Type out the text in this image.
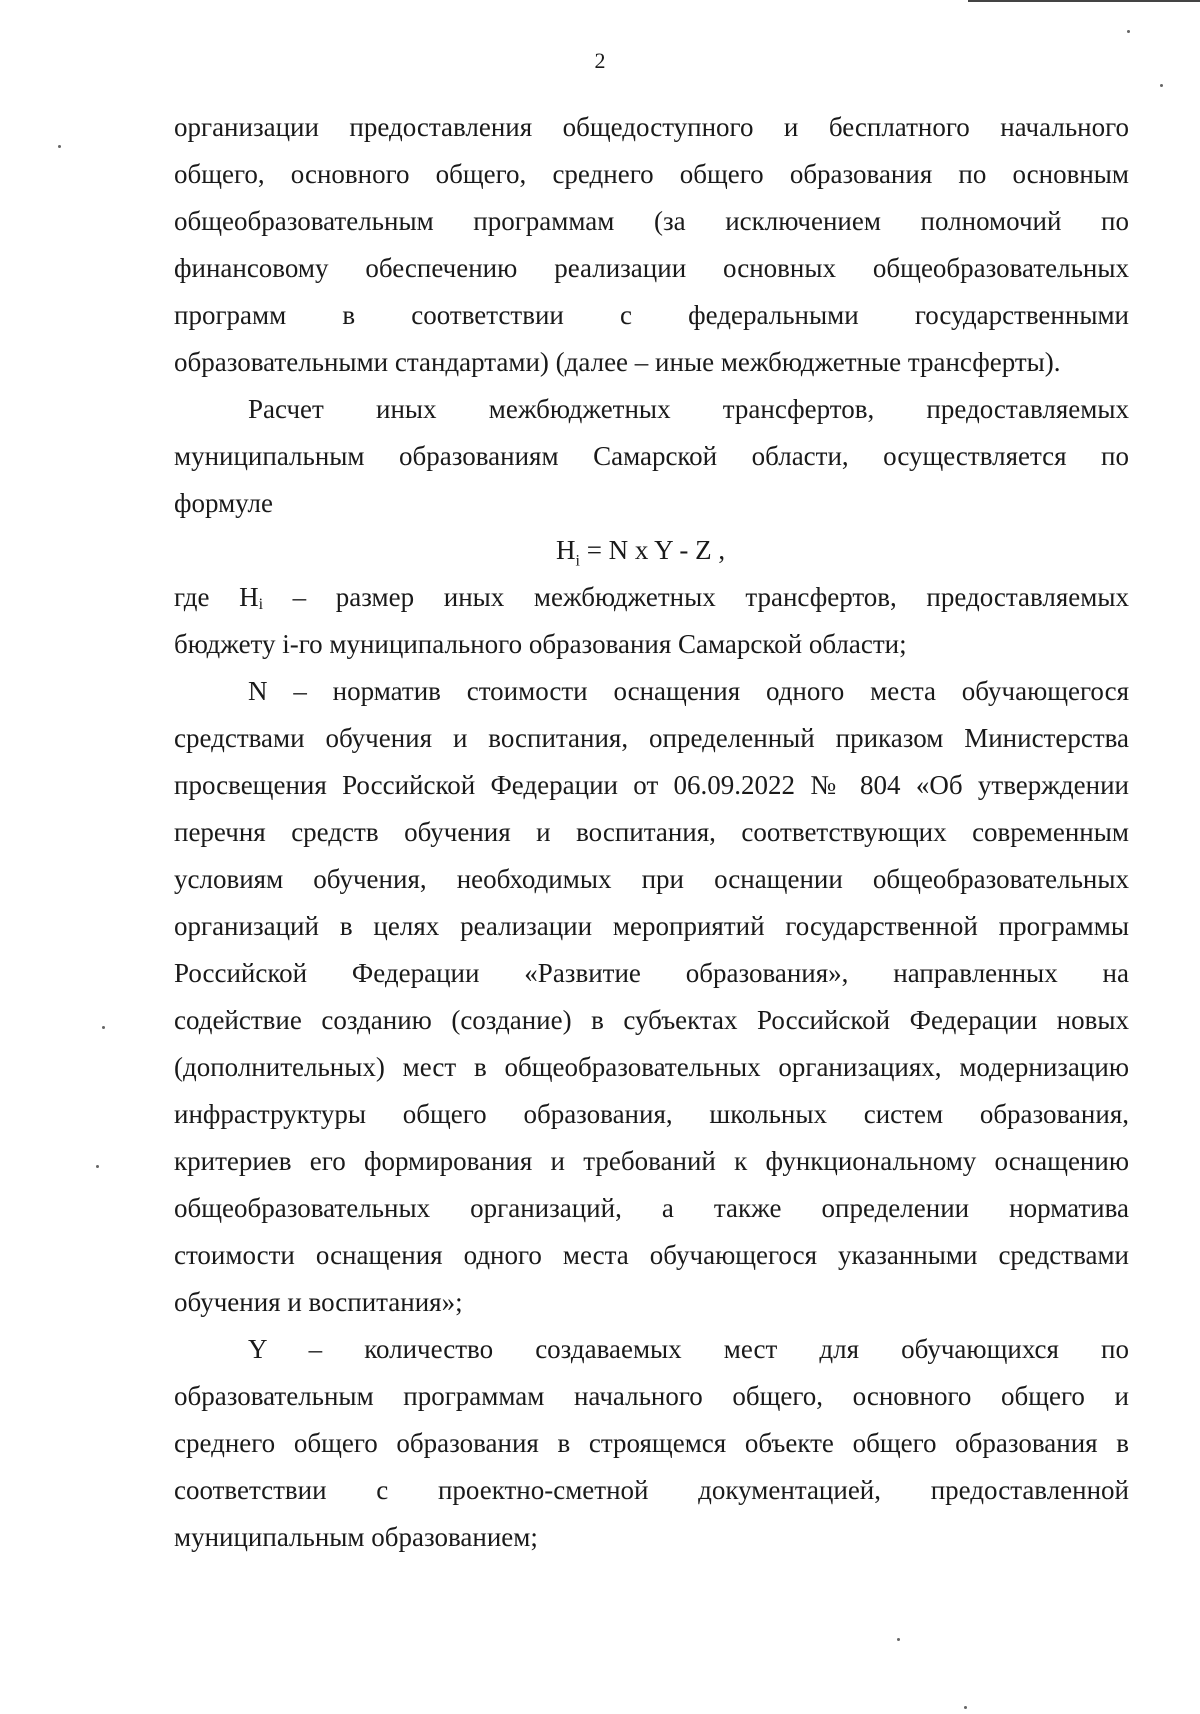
2
организации предоставления общедоступного и бесплатного начального
общего, основного общего, среднего общего образования по основным
общеобразовательным программам (за исключением полномочий по
финансовому обеспечению реализации основных общеобразовательных
программ в соответствии с федеральными государственными
образовательными стандартами) (далее – иные межбюджетные трансферты).
Расчет иных межбюджетных трансфертов, предоставляемых
муниципальным образованиям Самарской области, осуществляется по
формуле
$H_i = N$ x Y - Z ,
где Hi – размер иных межбюджетных трансфертов, предоставляемых
бюджету i-го муниципального образования Самарской области;
N – норматив стоимости оснащения одного места обучающегося
средствами обучения и воспитания, определенный приказом Министерства
просвещения Российской Федерации от 06.09.2022 № 804 «Об утверждении
перечня средств обучения и воспитания, соответствующих современным
условиям обучения, необходимых при оснащении общеобразовательных
организаций в целях реализации мероприятий государственной программы
Российской Федерации «Развитие образования», направленных на
содействие созданию (создание) в субъектах Российской Федерации новых
(дополнительных) мест в общеобразовательных организациях, модернизацию
инфраструктуры общего образования, школьных систем образования,
критериев его формирования и требований к функциональному оснащению
общеобразовательных организаций, а также определении норматива
стоимости оснащения одного места обучающегося указанными средствами
обучения и воспитания»;
Y – количество создаваемых мест для обучающихся по
образовательным программам начального общего, основного общего и
среднего общего образования в строящемся объекте общего образования в
соответствии с проектно-сметной документацией, предоставленной
муниципальным образованием;
